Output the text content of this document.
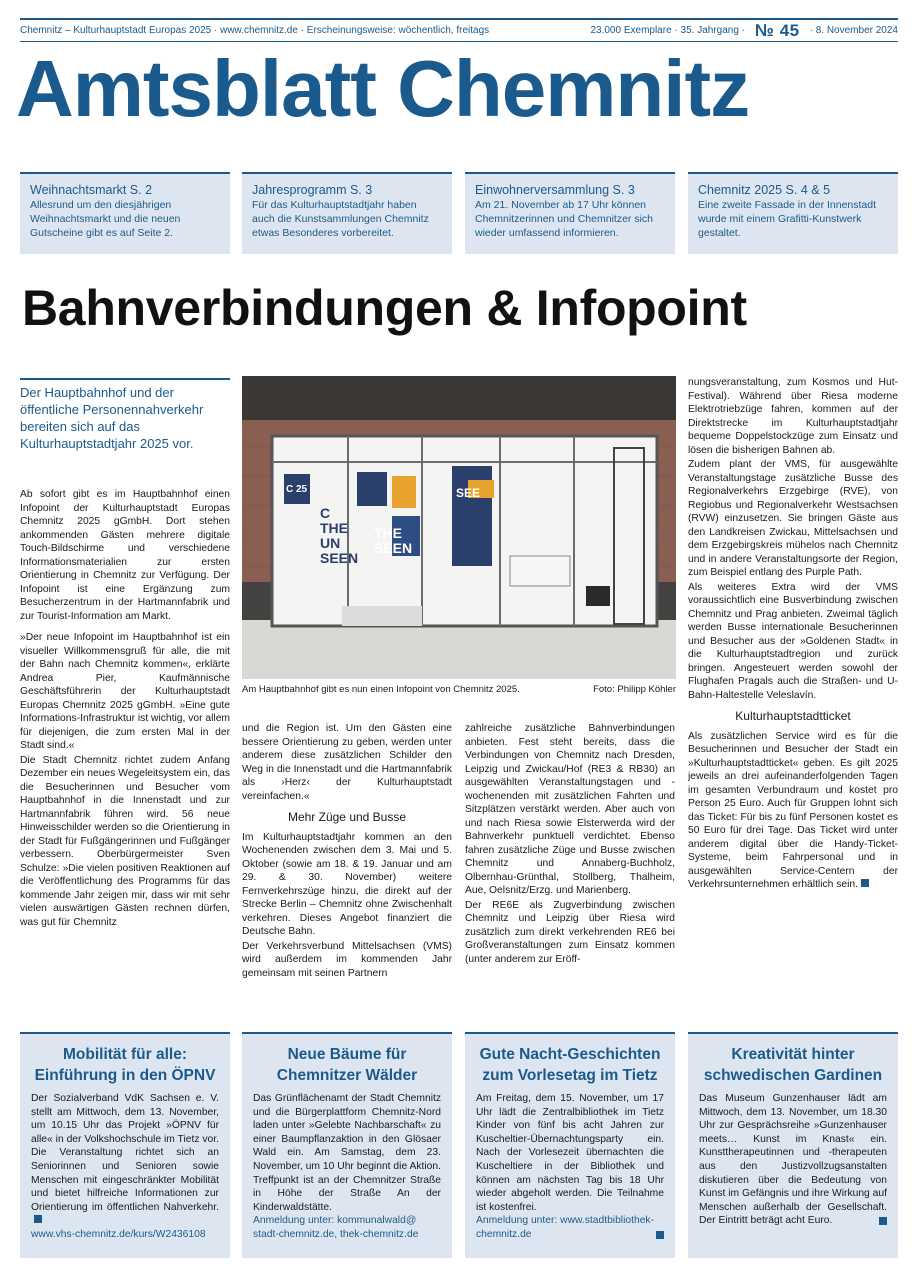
Chemnitz – Kulturhauptstadt Europas 2025 · www.chemnitz.de · Erscheinungsweise: wöchentlich, freitags	23.000 Exemplare · 35. Jahrgang · № 45 · 8. November 2024
Amtsblatt Chemnitz
Weihnachtsmarkt S. 2
Allesrund um den diesjährigen Weihnachtsmarkt und die neuen Gutscheine gibt es auf Seite 2.
Jahresprogramm S. 3
Für das Kulturhauptstadtjahr haben auch die Kunstsammlungen Chemnitz etwas Besonderes vorbereitet.
Einwohnerversammlung S. 3
Am 21. November ab 17 Uhr können Chemnitzerinnen und Chemnitzer sich wieder umfassend informieren.
Chemnitz 2025 S. 4 & 5
Eine zweite Fassade in der Innenstadt wurde mit einem Grafitti-Kunstwerk gestaltet.
Bahnverbindungen & Infopoint
Der Hauptbahnhof und der öffentliche Personennahverkehr bereiten sich auf das Kulturhauptstadtjahr 2025 vor.

Ab sofort gibt es im Hauptbahnhof einen Infopoint der Kulturhauptstadt Europas Chemnitz 2025 gGmbH. Dort stehen ankommenden Gästen mehrere digitale Touch-Bildschirme und verschiedene Informationsmaterialien zur ersten Orientierung in Chemnitz zur Verfügung. Der Infopoint ist eine Ergänzung zum Besucherzentrum in der Hartmannfabrik und zur Tourist-Information am Markt.

»Der neue Infopoint im Hauptbahnhof ist ein visueller Willkommensgruß für alle, die mit der Bahn nach Chemnitz kommen«, erklärte Andrea Pier, Kaufmännische Geschäftsführerin der Kulturhauptstadt Europas Chemnitz 2025 gGmbH. »Eine gute Informations-Infrastruktur ist wichtig, vor allem für diejenigen, die zum ersten Mal in der Stadt sind.«

Die Stadt Chemnitz richtet zudem Anfang Dezember ein neues Wegeleitsystem ein, das die Besucherinnen und Besucher vom Hauptbahnhof in die Innenstadt und zur Hartmannfabrik führen wird. 56 neue Hinweisschilder werden so die Orientierung in der Stadt für Fußgängerinnen und Fußgänger verbessern. Oberbürgermeister Sven Schulze: »Die vielen positiven Reaktionen auf die Veröffentlichung des Programms für das kommende Jahr zeigen mir, dass wir mit sehr vielen auswärtigen Gästen rechnen dürfen, was gut für Chemnitz

C 25
C
THE
UN
SEEN
THE
SEEN
SEE
Am Hauptbahnhof gibt es nun einen Infopoint von Chemnitz 2025.	Foto: Philipp Köhler

und die Region ist. Um den Gästen eine bessere Orientierung zu geben, werden unter anderem diese zusätzlichen Schilder den Weg in die Innenstadt und die Hartmannfabrik als ›Herz‹ der Kulturhauptstadt vereinfachen.«

Mehr Züge und Busse

Im Kulturhauptstadtjahr kommen an den Wochenenden zwischen dem 3. Mai und 5. Oktober (sowie am 18. & 19. Januar und am 29. & 30. November) weitere Fernverkehrszüge hinzu, die direkt auf der Strecke Berlin – Chemnitz ohne Zwischenhalt verkehren. Dieses Angebot finanziert die Deutsche Bahn.

Der Verkehrsverbund Mittelsachsen (VMS) wird außerdem im kommenden Jahr gemeinsam mit seinen Partnern

zahlreiche zusätzliche Bahnverbindungen anbieten. Fest steht bereits, dass die Verbindungen von Chemnitz nach Dresden, Leipzig und Zwickau/Hof (RE3 & RB30) an ausgewählten Veranstaltungstagen und -wochenenden mit zusätzlichen Fahrten und Sitzplätzen verstärkt werden. Aber auch von und nach Riesa sowie Elsterwerda wird der Bahnverkehr punktuell verdichtet. Ebenso fahren zusätzliche Züge und Busse zwischen Chemnitz und Annaberg-Buchholz, Olbernhau-Grünthal, Stollberg, Thalheim, Aue, Oelsnitz/Erzg. und Marienberg.

Der RE6E als Zugverbindung zwischen Chemnitz und Leipzig über Riesa wird zusätzlich zum direkt verkehrenden RE6 bei Großveranstaltungen zum Einsatz kommen (unter anderem zur Eröff-

nungsveranstaltung, zum Kosmos und Hut-Festival). Während über Riesa moderne Elektrotriebzüge fahren, kommen auf der Direktstrecke im Kulturhauptstadtjahr bequeme Doppelstockzüge zum Einsatz und lösen die bisherigen Bahnen ab.

Zudem plant der VMS, für ausgewählte Veranstaltungstage zusätzliche Busse des Regionalverkehrs Erzgebirge (RVE), von Regiobus und Regionalverkehr Westsachsen (RVW) einzusetzen. Sie bringen Gäste aus den Landkreisen Zwickau, Mittelsachsen und dem Erzgebirgskreis mühelos nach Chemnitz und in andere Veranstaltungsorte der Region, zum Beispiel entlang des Purple Path.

Als weiteres Extra wird der VMS voraussichtlich eine Busverbindung zwischen Chemnitz und Prag anbieten. Zweimal täglich werden Busse internationale Besucherinnen und Besucher aus der »Goldenen Stadt« in die Kulturhauptstadtregion und zurück bringen. Angesteuert werden sowohl der Flughafen Pragals auch die Straßen- und U-Bahn-Haltestelle Veleslavín.

Kulturhauptstadtticket

Als zusätzlichen Service wird es für die Besucherinnen und Besucher der Stadt ein »Kulturhauptstadtticket« geben. Es gilt 2025 jeweils an drei aufeinanderfolgenden Tagen im gesamten Verbundraum und kostet pro Person 25 Euro. Auch für Gruppen lohnt sich das Ticket: Für bis zu fünf Personen kostet es 50 Euro für drei Tage. Das Ticket wird unter anderem digital über die Handy-Ticket-Systeme, beim Fahrpersonal und in ausgewählten Service-Centern der Verkehrsunternehmen erhältlich sein.

Mobilität für alle: Einführung in den ÖPNV
Der Sozialverband VdK Sachsen e. V. stellt am Mittwoch, dem 13. November, um 10.15 Uhr das Projekt »ÖPNV für alle« in der Volkshochschule im Tietz vor. Die Veranstaltung richtet sich an Seniorinnen und Senioren sowie Menschen mit eingeschränkter Mobilität und bietet hilfreiche Informationen zur Orientierung im öffentlichen Nahverkehr.
www.vhs-chemnitz.de/kurs/W2436108
Neue Bäume für Chemnitzer Wälder
Das Grünflächenamt der Stadt Chemnitz und die Bürgerplattform Chemnitz-Nord laden unter »Gelebte Nachbarschaft« zu einer Baumpflanzaktion in den Glösaer Wald ein. Am Samstag, dem 23. November, um 10 Uhr beginnt die Aktion. Treffpunkt ist an der Chemnitzer Straße in Höhe der Straße An der Kinderwaldstätte.
Anmeldung unter: kommunalwald@ stadt-chemnitz.de, thek-chemnitz.de
Gute Nacht-Geschichten zum Vorlesetag im Tietz
Am Freitag, dem 15. November, um 17 Uhr lädt die Zentralbibliothek im Tietz Kinder von fünf bis acht Jahren zur Kuscheltier-Übernachtungsparty ein. Nach der Vorlesezeit übernachten die Kuscheltiere in der Bibliothek und können am nächsten Tag bis 18 Uhr wieder abgeholt werden. Die Teilnahme ist kostenfrei.
Anmeldung unter: www.stadtbibliothek-chemnitz.de
Kreativität hinter schwedischen Gardinen
Das Museum Gunzenhauser lädt am Mittwoch, dem 13. November, um 18.30 Uhr zur Gesprächsreihe »Gunzenhauser meets… Kunst im Knast« ein. Kunsttherapeutinnen und -therapeuten aus den Justizvollzugsanstalten diskutieren über die Bedeutung von Kunst im Gefängnis und ihre Wirkung auf Menschen außerhalb der Gesellschaft. Der Eintritt beträgt acht Euro.
